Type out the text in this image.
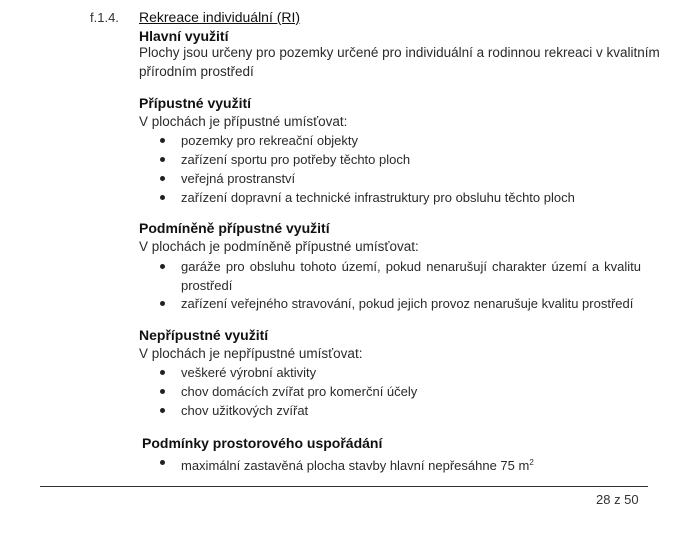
f.1.4. Rekreace individuální (RI)
Hlavní využití
Plochy jsou určeny pro pozemky určené pro individuální a rodinnou rekreaci v kvalitním
přírodním prostředí
Přípustné využití
V plochách je přípustné umísťovat:
pozemky pro rekreační objekty
zařízení sportu pro potřeby těchto ploch
veřejná prostranství
zařízení dopravní a technické infrastruktury pro obsluhu těchto ploch
Podmíněně přípustné využití
V plochách je podmíněně přípustné umísťovat:
garáže pro obsluhu tohoto území, pokud nenarušují charakter území a kvalitu prostředí
zařízení veřejného stravování, pokud jejich provoz nenarušuje kvalitu prostředí
Nepřípustné využití
V plochách je nepřípustné umísťovat:
veškeré výrobní aktivity
chov domácích zvířat pro komerční účely
chov užitkových zvířat
Podmínky prostorového uspořádání
maximální zastavěná plocha stavby hlavní nepřesáhne 75 $m^2$
28 z 50
